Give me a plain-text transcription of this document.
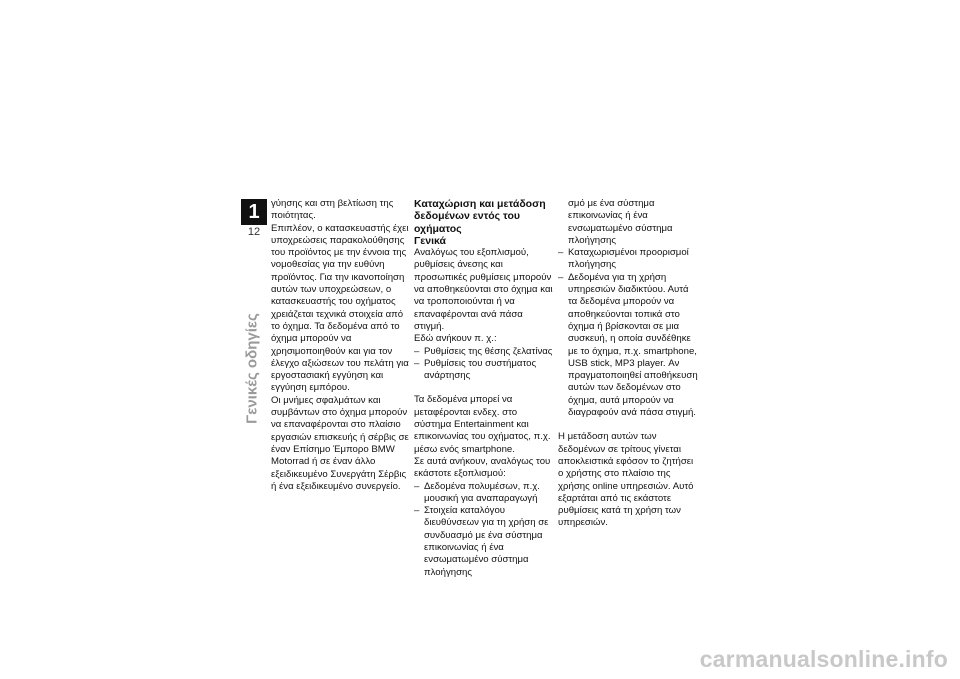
1
12
Γενικές οδηγίες

γύησης και στη βελτίωση της ποιότητας.

Επιπλέον, ο κατασκευαστής έχει υποχρεώσεις παρακολούθησης του προϊόντος με την έννοια της νομοθεσίας για την ευθύνη προϊόντος. Για την ικανοποίηση αυτών των υποχρεώσεων, ο κατασκευαστής του οχήματος χρειάζεται τεχνικά στοιχεία από το όχημα. Τα δεδομένα από το όχημα μπορούν να χρησιμοποιηθούν και για τον έλεγχο αξιώσεων του πελάτη για εργοστασιακή εγγύηση και εγγύηση εμπόρου.

Οι μνήμες σφαλμάτων και συμβάντων στο όχημα μπορούν να επαναφέρονται στο πλαίσιο εργασιών επισκευής ή σέρβις σε έναν Επίσημο Έμπορο BMW Motorrad ή σε έναν άλλο εξειδικευμένο Συνεργάτη Σέρβις ή ένα εξειδικευμένο συνεργείο.

Καταχώριση και μετάδοση δεδομένων εντός του οχήματος
Γενικά

Αναλόγως του εξοπλισμού, ρυθμίσεις άνεσης και προσωπικές ρυθμίσεις μπορούν να αποθηκεύονται στο όχημα και να τροποποιούνται ή να επαναφέρονται ανά πάσα στιγμή.

Εδώ ανήκουν π. χ.:

– Ρυθμίσεις της θέσης ζελατίνας
– Ρυθμίσεις του συστήματος ανάρτησης

Τα δεδομένα μπορεί να μεταφέρονται ενδεχ. στο σύστημα Entertainment και επικοινωνίας του οχήματος, π.χ. μέσω ενός smartphone.

Σε αυτά ανήκουν, αναλόγως του εκάστοτε εξοπλισμού:

– Δεδομένα πολυμέσων, π.χ. μουσική για αναπαραγωγή
– Στοιχεία καταλόγου διευθύνσεων για τη χρήση σε συνδυασμό με ένα σύστημα επικοινωνίας ή ένα ενσωματωμένο σύστημα πλοήγησης

σμό με ένα σύστημα επικοινωνίας ή ένα ενσωματωμένο σύστημα πλοήγησης

– Καταχωρισμένοι προορισμοί πλοήγησης
– Δεδομένα για τη χρήση υπηρεσιών διαδικτύου. Αυτά τα δεδομένα μπορούν να αποθηκεύονται τοπικά στο όχημα ή βρίσκονται σε μια συσκευή, η οποία συνδέθηκε με το όχημα, π.χ. smartphone, USB stick, MP3 player. Αν πραγματοποιηθεί αποθήκευση αυτών των δεδομένων στο όχημα, αυτά μπορούν να διαγραφούν ανά πάσα στιγμή.

Η μετάδοση αυτών των δεδομένων σε τρίτους γίνεται αποκλειστικά εφόσον το ζητήσει ο χρήστης στο πλαίσιο της χρήσης online υπηρεσιών. Αυτό εξαρτάται από τις εκάστοτε ρυθμίσεις κατά τη χρήση των υπηρεσιών.

carmanualsonline.info
